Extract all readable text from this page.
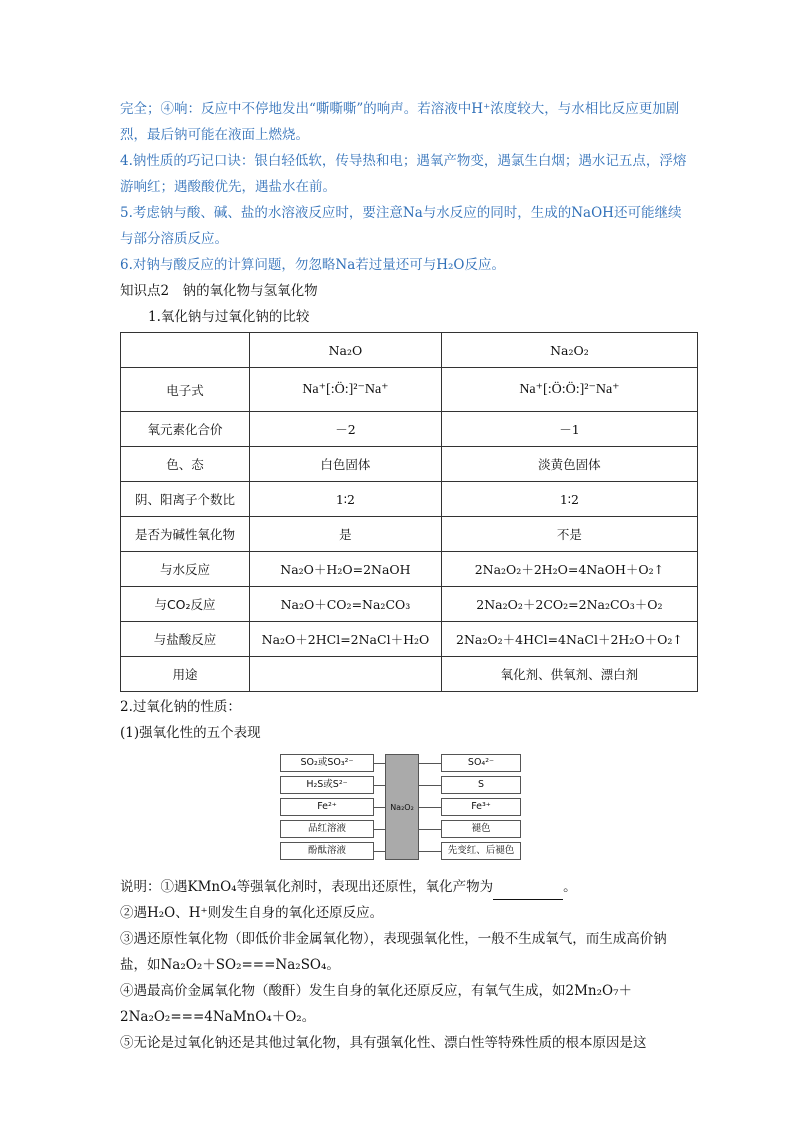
完全；④响：反应中不停地发出“嘶嘶嘶”的响声。若溶液中H⁺浓度较大，与水相比反应更加剧烈，最后钠可能在液面上燃烧。

4.钠性质的巧记口诀：银白轻低软，传导热和电；遇氧产物变，遇氯生白烟；遇水记五点，浮熔游响红；遇酸酸优先，遇盐水在前。

5.考虑钠与酸、碱、盐的水溶液反应时，要注意Na与水反应的同时，生成的NaOH还可能继续与部分溶质反应。

6.对钠与酸反应的计算问题，勿忽略Na若过量还可与H₂O反应。

知识点2　钠的氧化物与氢氧化物

1.氧化钠与过氧化钠的比较

	Na₂O	Na₂O₂
电子式	Na⁺[:Ö:]²⁻Na⁺	Na⁺[:Ö:Ö:]²⁻Na⁺
氧元素化合价	－2	－1
色、态	白色固体	淡黄色固体
阴、阳离子个数比	1∶2	1∶2
是否为碱性氧化物	是	不是
与水反应	Na₂O＋H₂O=2NaOH	2Na₂O₂＋2H₂O=4NaOH＋O₂↑
与CO₂反应	Na₂O＋CO₂=Na₂CO₃	2Na₂O₂＋2CO₂=2Na₂CO₃＋O₂
与盐酸反应	Na₂O＋2HCl=2NaCl＋H₂O	2Na₂O₂＋4HCl=4NaCl＋2H₂O＋O₂↑
用途		氧化剂、供氧剂、漂白剂

2.过氧化钠的性质：

(1)强氧化性的五个表现

SO₂或SO₃²⁻
H₂S或S²⁻
Fe²⁺
品红溶液
酚酞溶液
Na₂O₂
SO₄²⁻
S
Fe³⁺
褪色
先变红、后褪色

说明：①遇KMnO₄等强氧化剂时，表现出还原性，氧化产物为	。

②遇H₂O、H⁺则发生自身的氧化还原反应。

③遇还原性氧化物（即低价非金属氧化物），表现强氧化性，一般不生成氧气，而生成高价钠盐，如Na₂O₂＋SO₂===Na₂SO₄。

④遇最高价金属氧化物（酸酐）发生自身的氧化还原反应，有氧气生成，如2Mn₂O₇＋2Na₂O₂===4NaMnO₄＋O₂。

⑤无论是过氧化钠还是其他过氧化物，具有强氧化性、漂白性等特殊性质的根本原因是这
